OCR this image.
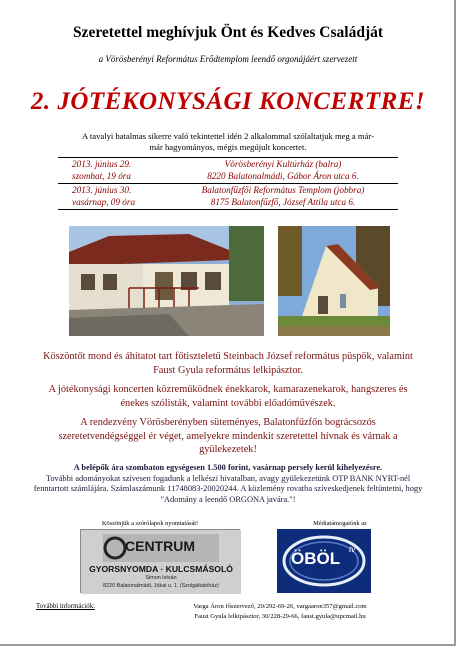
Szeretettel meghívjuk Önt és Kedves Családját
a Vörösberényi Református Erődtemplom leendő orgonájáért szervezett
2. JÓTÉKONYSÁGI KONCERTRE!
A tavalyi hatalmas sikerre való tekintettel idén 2 alkalommal szólaltatjuk meg a már-már hagyományos, mégis megújult koncertet.
2013. június 29.
szombat, 19 óra
Vörösberényi Kultúrház (balra)
8220 Balatonalmádi, Gábor Áron utca 6.
2013. június 30.
vasárnap, 09 óra
Balatonfűzfői Református Templom (jobbra)
8175 Balatonfűzfő, József Attila utca 6.
Köszöntőt mond és áhítatot tart főtiszteletű Steinbach József református püspök, valamint Faust Gyula református lelkipásztor.
A jótékonysági koncerten közreműködnek énekkarok, kamarazenekarok, hangszeres és énekes szólisták, valamint további előadóművészek.
A rendezvény Vörösberényben süteményes, Balatonfűzfőn bográcsozós szeretetvendégséggel ér véget, amelyekre mindenkit szeretettel hívnak és várnak a gyülekezetek!
A belépők ára szombaton egységesen 1.500 forint, vasárnap persely kerül kihelyezésre.
További adományokat szívesen fogadunk a lelkészi hivatalban, avagy gyülekezetünk OTP BANK NYRT-nél fenntartott számlájára. Számlaszámunk 11748083-20020244. A közlemény rovatba szíveskedjenek feltüntetni, hogy "Adomány a leendő ORGONA javára."!
Köszönjük a szórólapok nyomtatását!	Médiatámogatónk az
CENTRUM
GYORSNYOMDA · KULCSMÁSOLÓ
Simon István
8220 Balatonalmádi, Jókai u. 1. (Szolgáltatóház)
ÖBÖL tv
További információk:	Varga Áron főszervező, 20/292-69-26, vargaaron357@gmail.com
Faust Gyula lelkipásztor, 30/228-29-66, faust.gyula@upcmail.hu
